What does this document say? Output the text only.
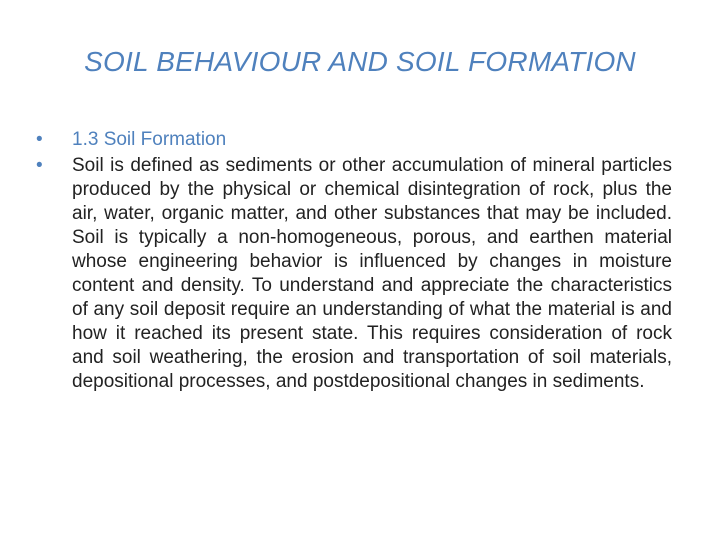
SOIL BEHAVIOUR AND SOIL FORMATION
•	1.3 Soil Formation
•	Soil is defined as sediments or other accumulation of mineral particles produced by the physical or chemical disintegration of rock, plus the air, water, organic matter, and other substances that may be included. Soil is typically a non-homogeneous, porous, and earthen material whose engineering behavior is influenced by changes in moisture content and density. To understand and appreciate the characteristics of any soil deposit require an understanding of what the material is and how it reached its present state. This requires consideration of rock and soil weathering, the erosion and transportation of soil materials, depositional processes, and postdepositional changes in sediments.
